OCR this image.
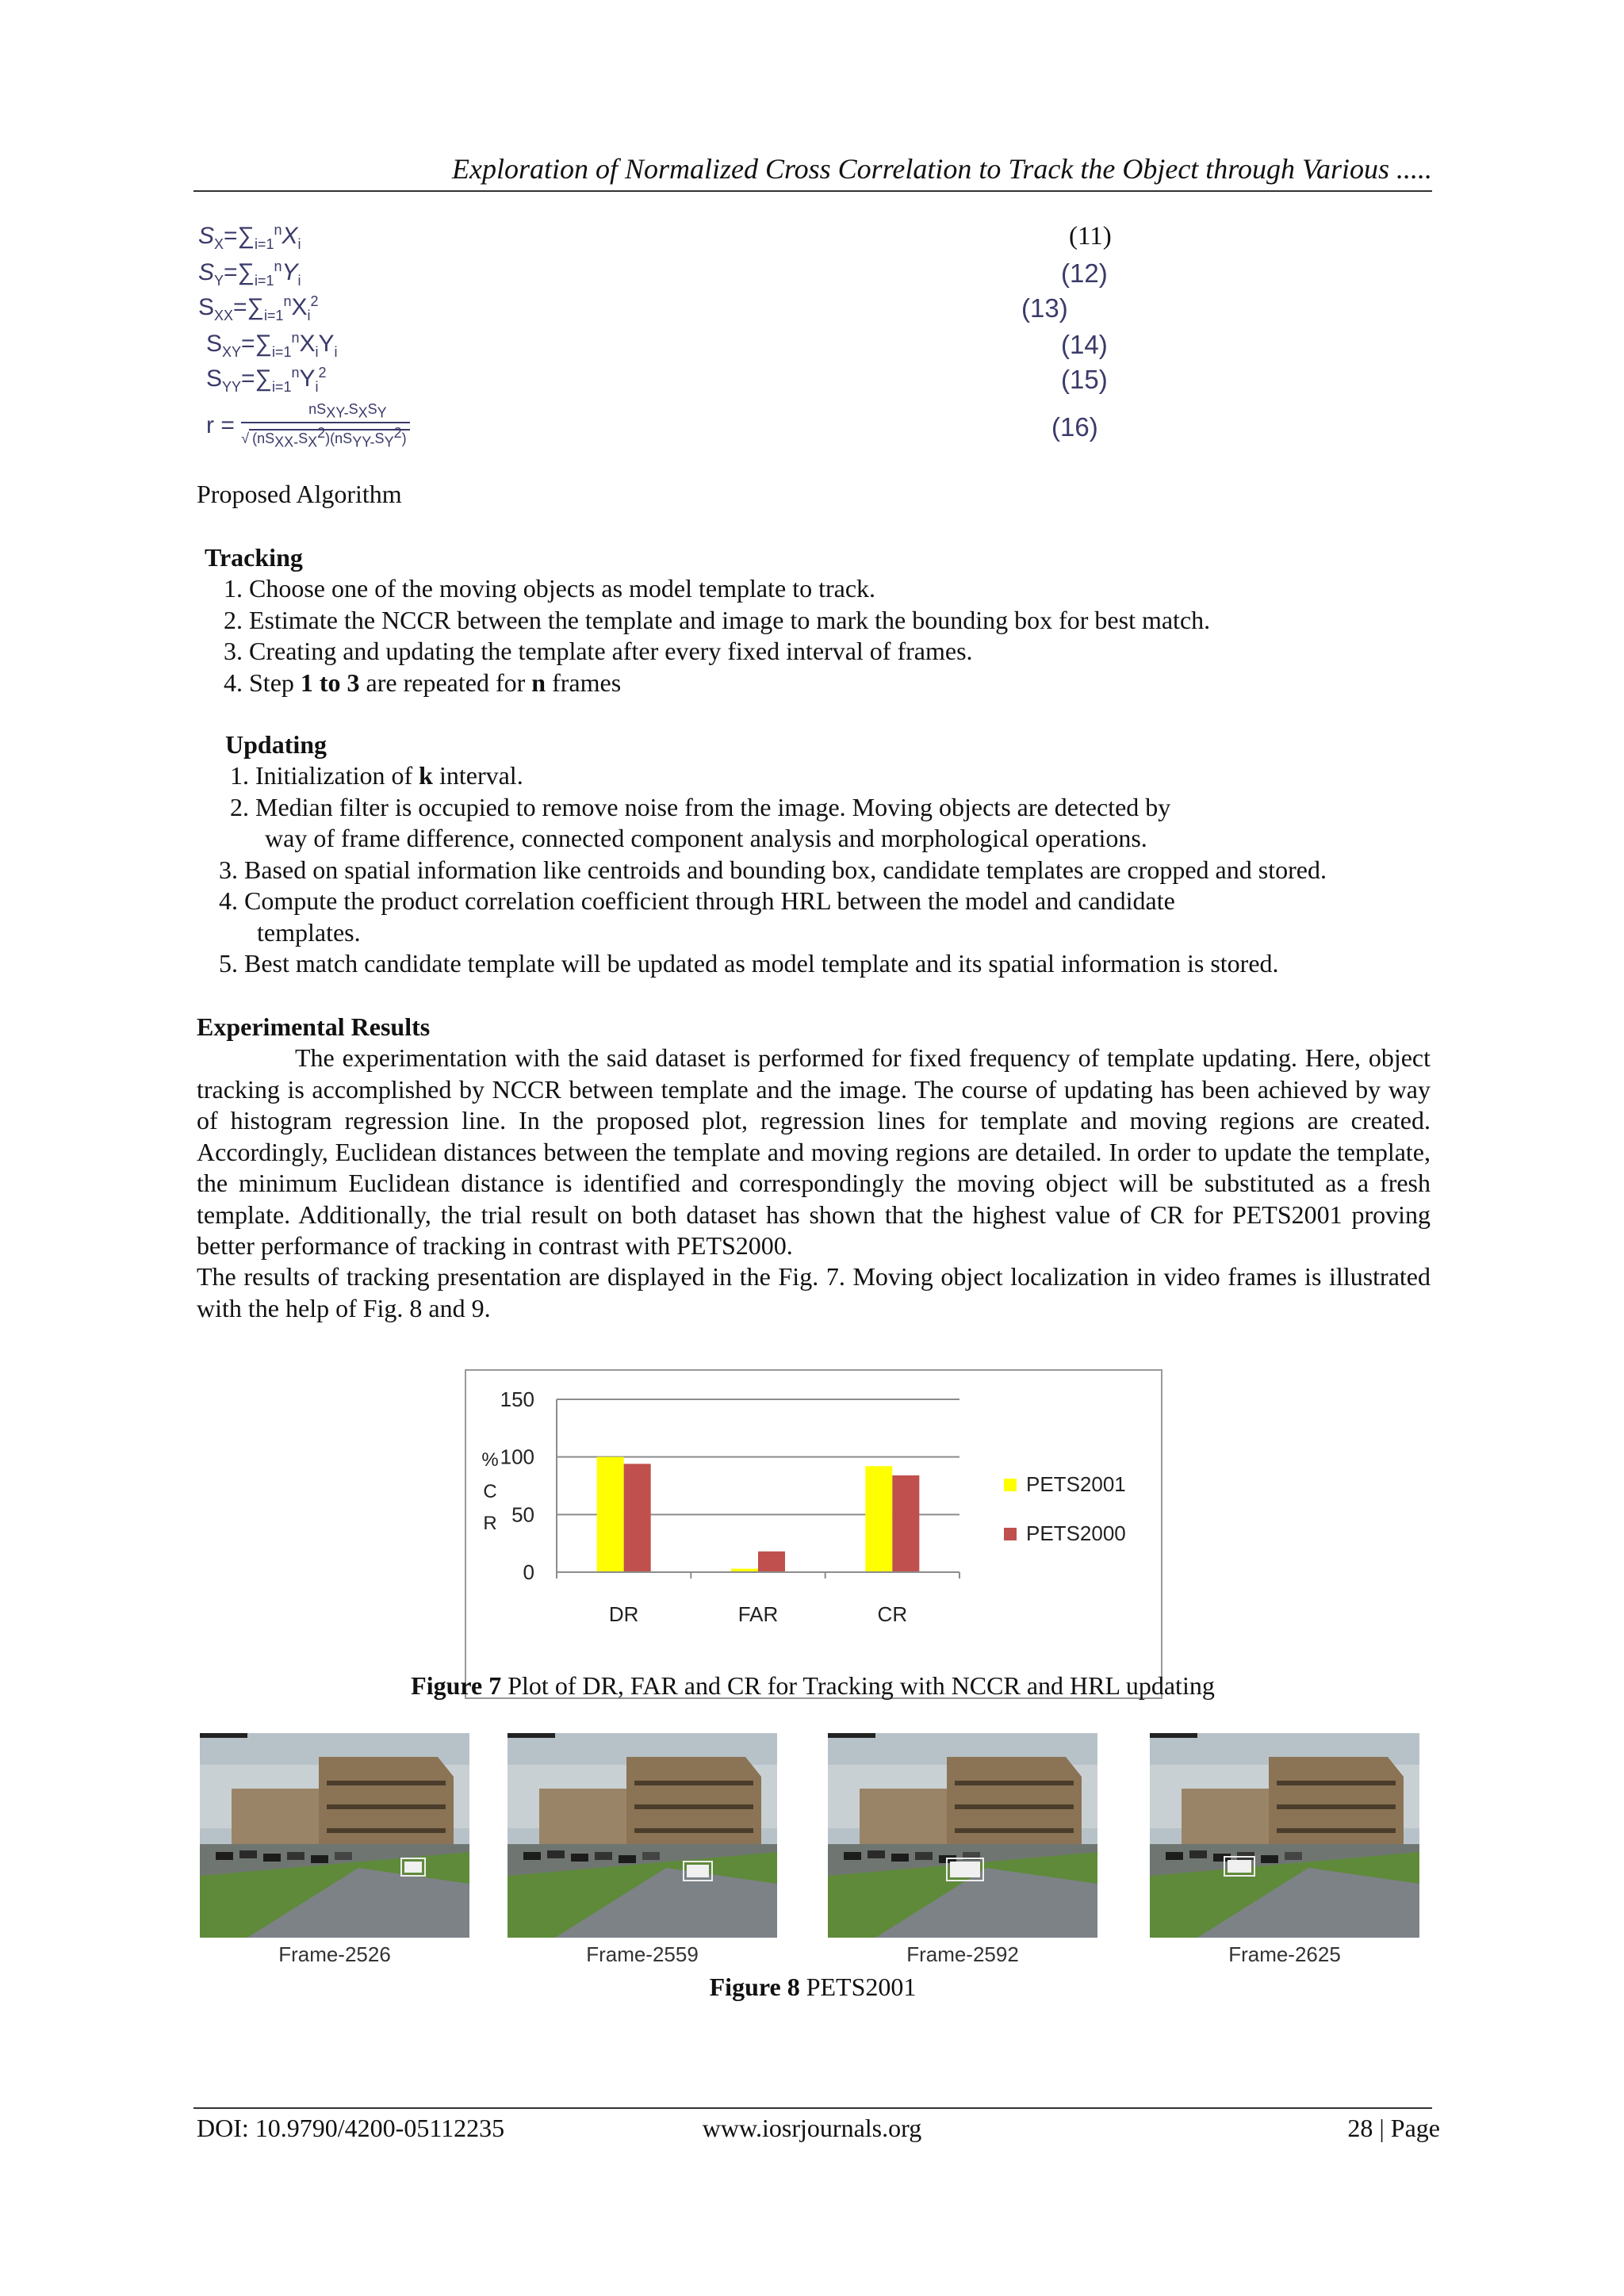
Exploration of Normalized Cross Correlation to Track the Object through Various .....
$S_X=\sum_{i=1}^nX_i$	(11)
$S_Y=\sum_{i=1}^nY_i$	(12)
$S_{XX}=\sum_{i=1}^nX_i^2$	(13)
$S_{XY}=\sum_{i=1}^nX_iY_i$	(14)
$S_{YY}=\sum_{i=1}^nY_i^2$	(15)
$r = \frac{nS_{XY-}S_XS_Y}{√ (nS_{XX-}S_X^2)(nS_{YY-}S_Y^2)}$	(16)
Proposed Algorithm
Tracking
1. Choose one of the moving objects as model template to track.
2. Estimate the NCCR between the template and image to mark the bounding box for best match.
3. Creating and updating the template after every fixed interval of frames.
4. Step 1 to 3 are repeated for n frames
Updating
1. Initialization of k interval.
2. Median filter is occupied to remove noise from the image. Moving objects are detected by
way of frame difference, connected component analysis and morphological operations.
3. Based on spatial information like centroids and bounding box, candidate templates are cropped and stored.
4. Compute the product correlation coefficient through HRL between the model and candidate
templates.
5. Best match candidate template will be updated as model template and its spatial information is stored.
Experimental Results
The experimentation with the said dataset is performed for fixed frequency of template updating. Here, object tracking is accomplished by NCCR between template and the image. The course of updating has been achieved by way of histogram regression line. In the proposed plot, regression lines for template and moving regions are created. Accordingly, Euclidean distances between the template and moving regions are detailed. In order to update the template, the minimum Euclidean distance is identified and correspondingly the moving object will be substituted as a fresh template. Additionally, the trial result on both dataset has shown that the highest value of CR for PETS2001 proving better performance of tracking in contrast with PETS2000.
The results of tracking presentation are displayed in the Fig. 7. Moving object localization in video frames is illustrated with the help of Fig. 8 and 9.
0
50
100
150
%
C
R
DR	FAR	CR
PETS2001
PETS2000
Figure 7 Plot of DR, FAR and CR for Tracking with NCCR and HRL updating
Frame-2526	Frame-2559	Frame-2592	Frame-2625
Figure 8 PETS2001
DOI: 10.9790/4200-05112235	www.iosrjournals.org	28 | Page
